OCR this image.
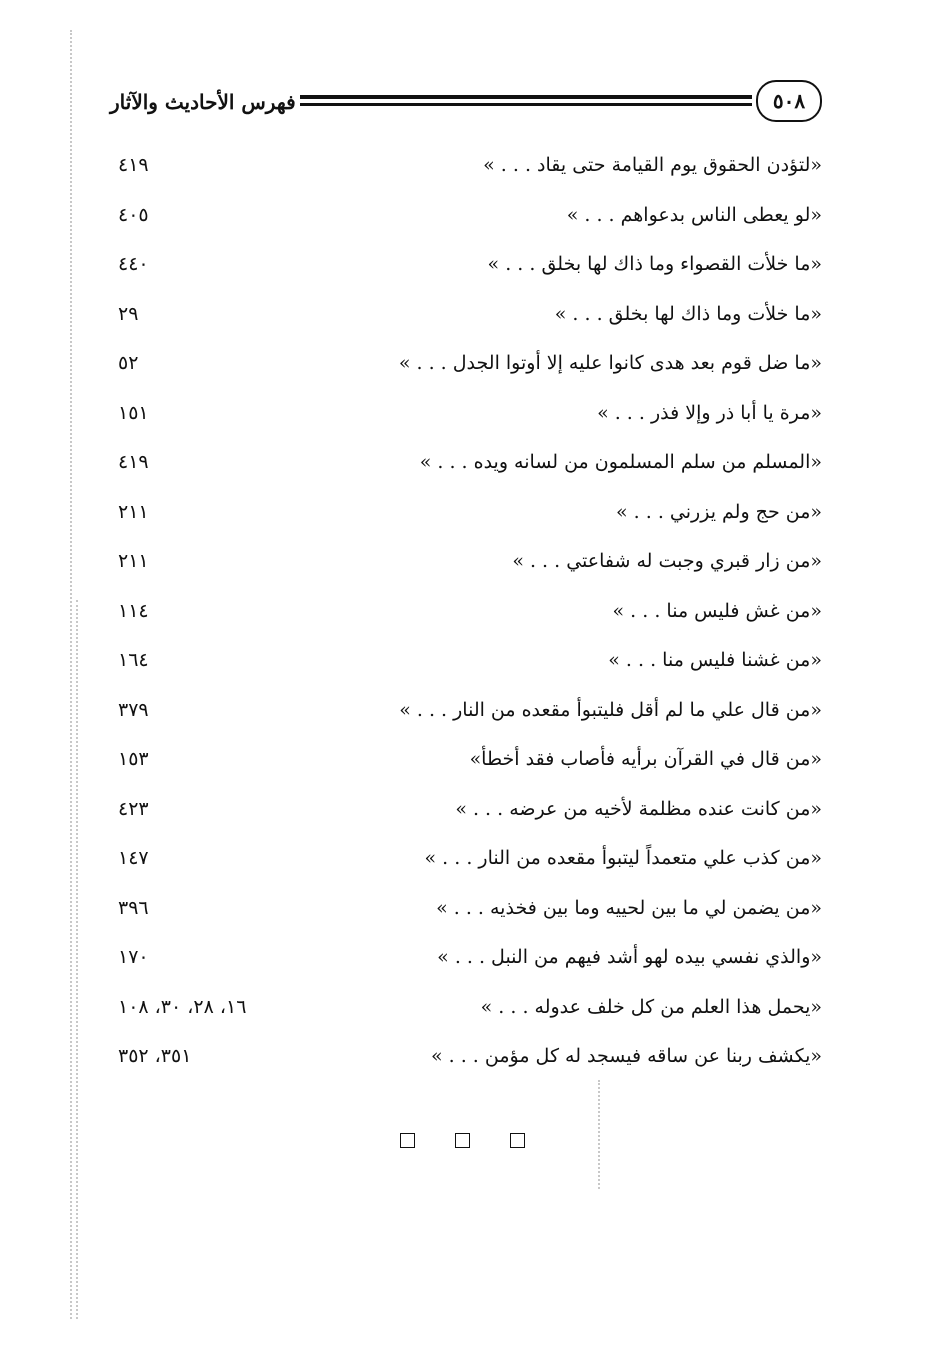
فهرس الأحاديث والآثار	٥٠٨
«لتؤدن الحقوق يوم القيامة حتى يقاد . . . »
٤١٩
«لو يعطى الناس بدعواهم . . . »
٤٠٥
«ما خلأت القصواء وما ذاك لها بخلق . . . »
٤٤٠
«ما خلأت وما ذاك لها بخلق . . . »
٢٩
«ما ضل قوم بعد هدى كانوا عليه إلا أوتوا الجدل . . . »
٥٢
«مرة يا أبا ذر وإلا فذر . . . »
١٥١
«المسلم من سلم المسلمون من لسانه ويده . . . »
٤١٩
«من حج ولم يزرني . . . »
٢١١
«من زار قبري وجبت له شفاعتي . . . »
٢١١
«من غش فليس منا . . . »
١١٤
«من غشنا فليس منا . . . »
١٦٤
«من قال علي ما لم أقل فليتبوأ مقعده من النار . . . »
٣٧٩
«من قال في القرآن برأيه فأصاب فقد أخطأ»
١٥٣
«من كانت عنده مظلمة لأخيه من عرضه . . . »
٤٢٣
«من كذب علي متعمداً ليتبوأ مقعده من النار . . . »
١٤٧
«من يضمن لي ما بين لحييه وما بين فخذيه . . . »
٣٩٦
«والذي نفسي بيده لهو أشد فيهم من النبل . . . »
١٧٠
«يحمل هذا العلم من كل خلف عدوله . . . »
١٦، ٢٨، ٣٠، ١٠٨
«يكشف ربنا عن ساقه فيسجد له كل مؤمن . . . »
٣٥١، ٣٥٢
